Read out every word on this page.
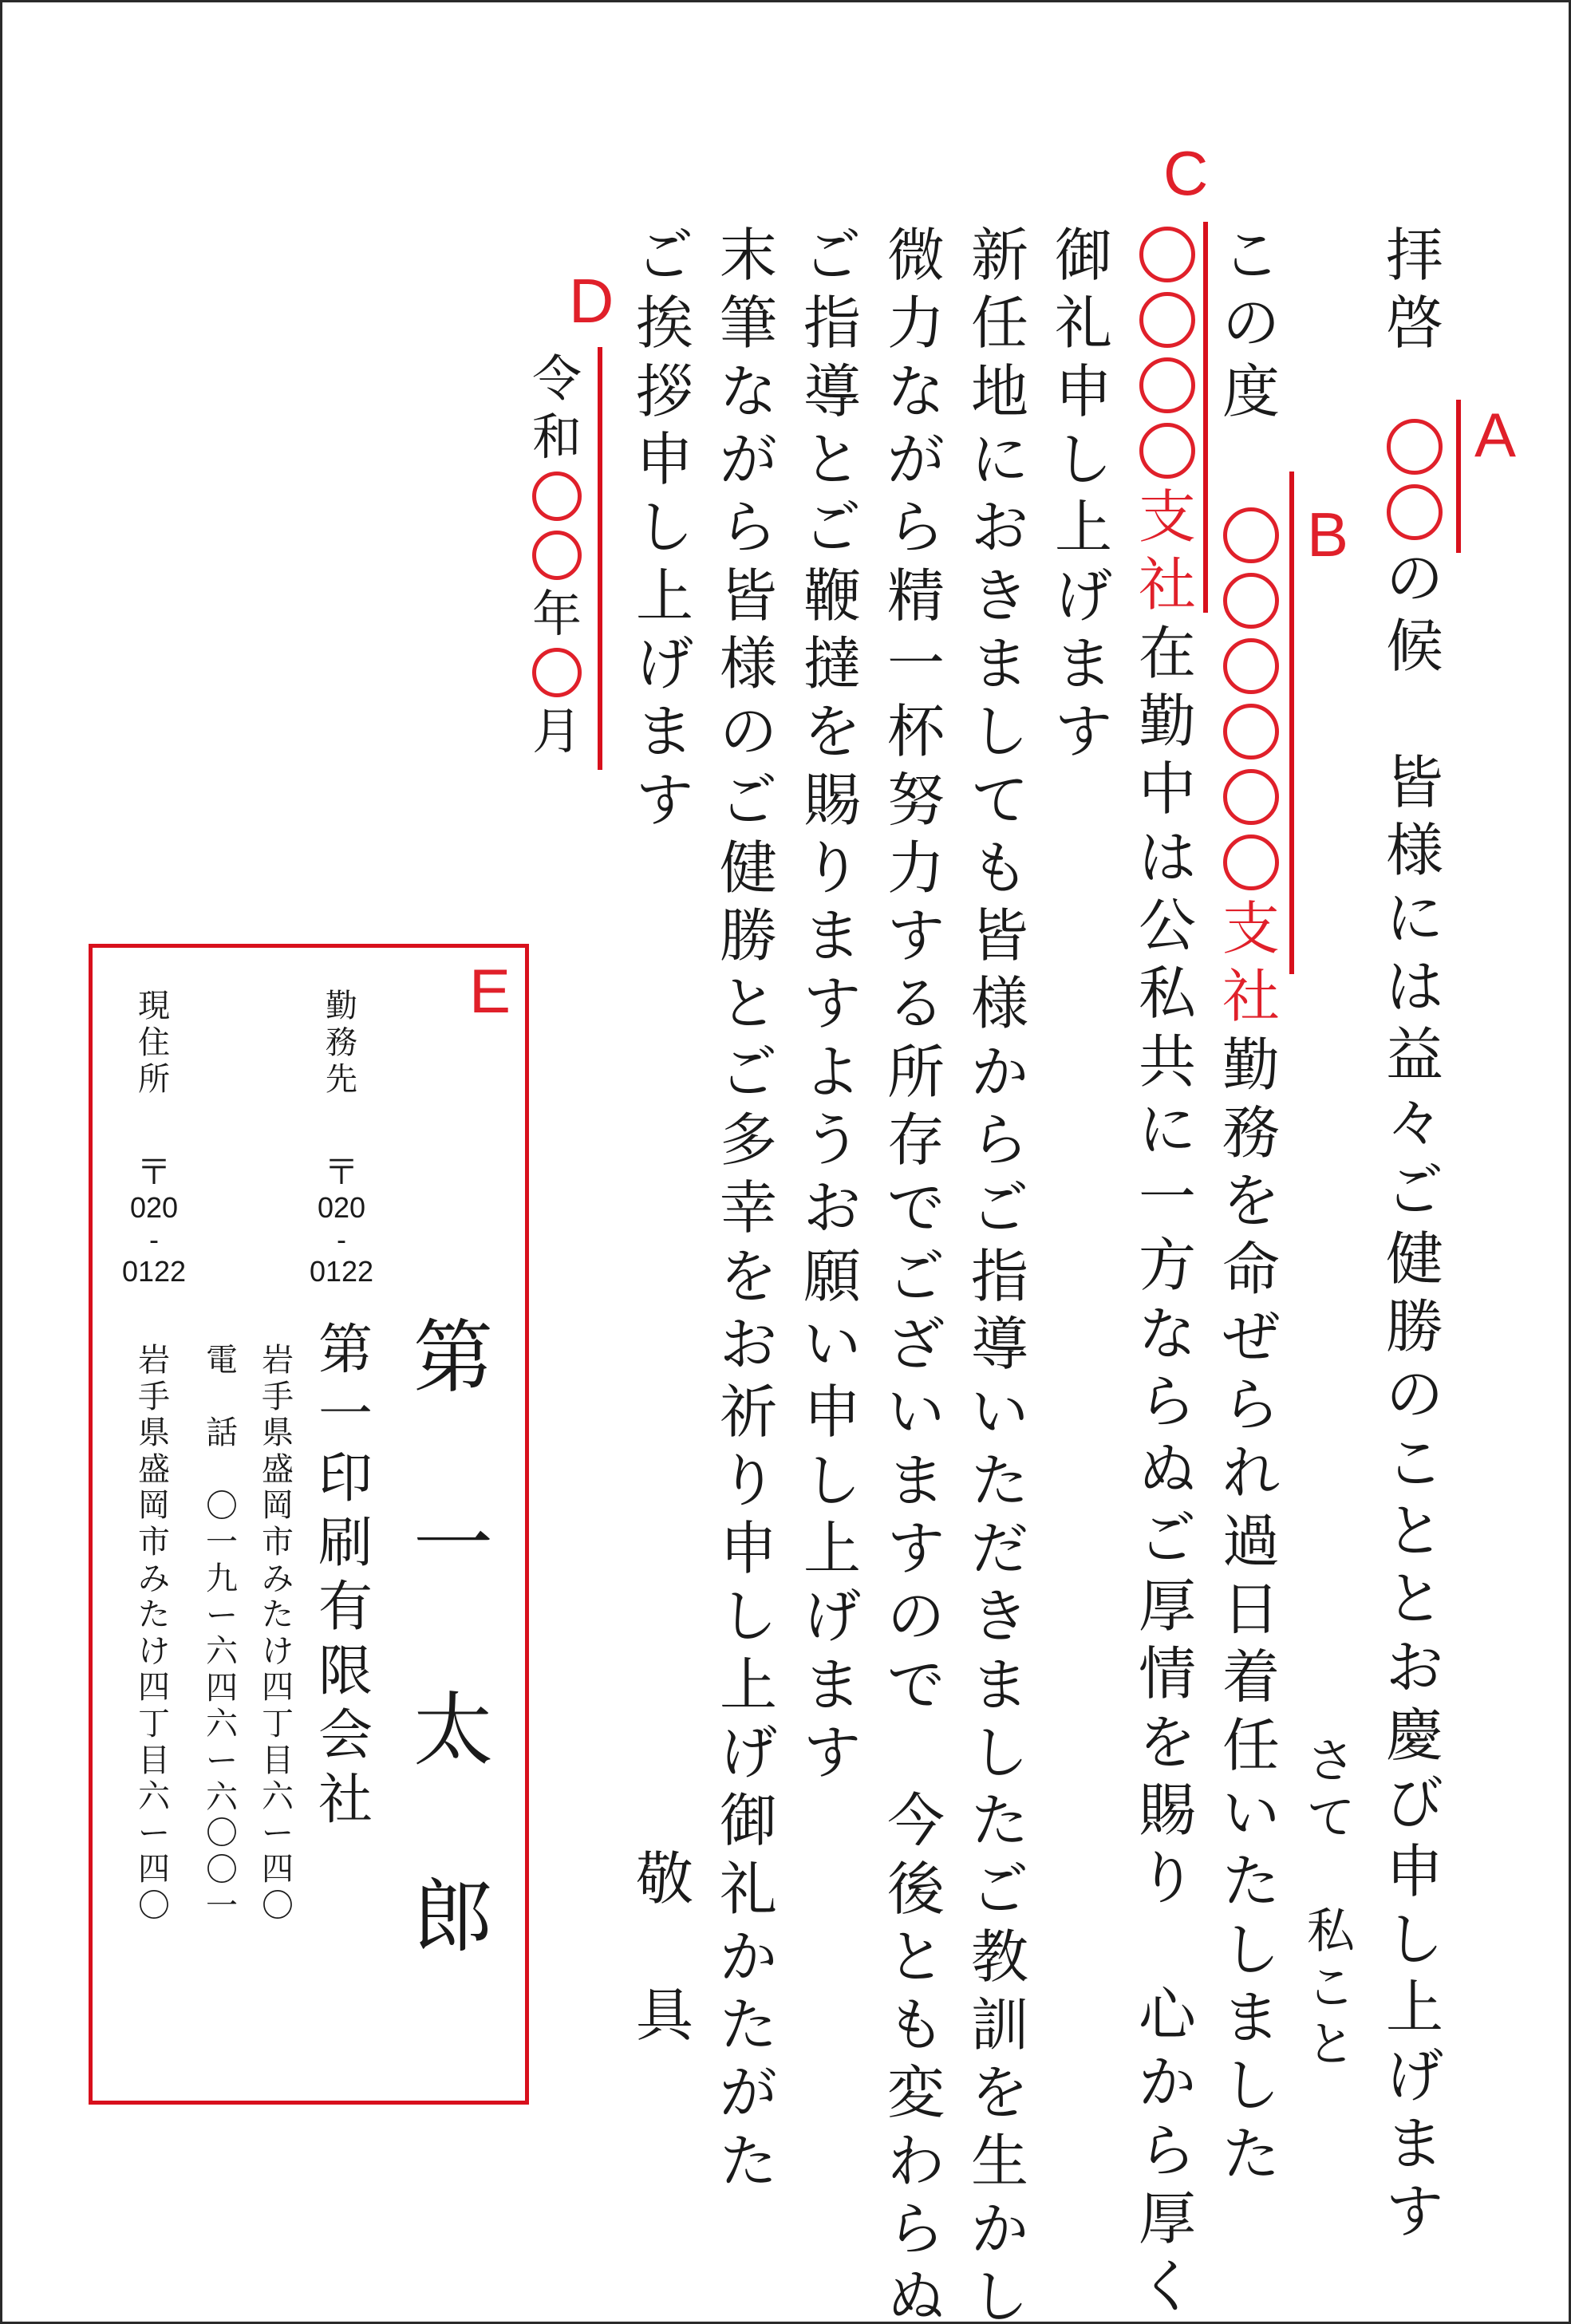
拝
啓
の
候

皆
様
に
は
益
々
ご
健
勝
の
こ
と
と
お
慶
び
申
し
上
げ
ま
す
さ
て

私
こ
と
こ
の
度
支
社
勤
務
を
命
ぜ
ら
れ
過
日
着
任
い
た
し
ま
し
た
支
社
在
勤
中
は
公
私
共
に
一
方
な
ら
ぬ
ご
厚
情
を
賜
り

心
か
ら
厚
く
御
礼
申
し
上
げ
ま
す
新
任
地
に
お
き
ま
し
て
も
皆
様
か
ら
ご
指
導
い
た
だ
き
ま
し
た
ご
教
訓
を
生
か
し
微
力
な
が
ら
精
一
杯
努
力
す
る
所
存
で
ご
ざ
い
ま
す
の
で

今
後
と
も
変
わ
ら
ぬ
ご
指
導
と
ご
鞭
撻
を
賜
り
ま
す
よ
う
お
願
い
申
し
上
げ
ま
す
末
筆
な
が
ら
皆
様
の
ご
健
勝
と
ご
多
幸
を
お
祈
り
申
し
上
げ
御
礼
か
た
が
た
ご
挨
拶
申
し
上
げ
ま
す
敬

具
令
和
年
月
A
B
C
D
E
勤
務
先
〒
020
-
0122
現
住
所
〒
020
-
0122
第
一
太
郎
第
一
印
刷
有
限
会
社
岩
手
県
盛
岡
市
み
た
け
四
丁
目
六
ー
四
〇
電

話
〇
一
九
ー
六
四
六
ー
六
〇
〇
一
岩
手
県
盛
岡
市
み
た
け
四
丁
目
六
ー
四
〇
